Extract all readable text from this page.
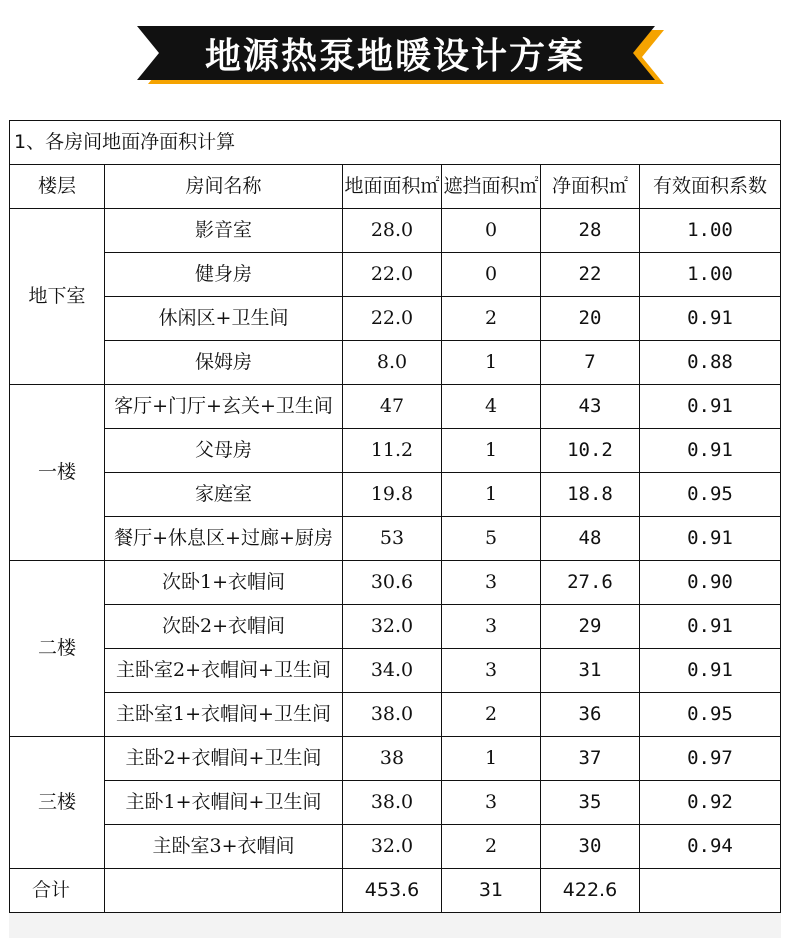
地源热泵地暖设计方案
1、各房间地面净面积计算					
楼层	房间名称	地面面积㎡	遮挡面积㎡	净面积㎡	有效面积系数
地下室	影音室	28.0	0	28	1.00
	健身房	22.0	0	22	1.00
	休闲区+卫生间	22.0	2	20	0.91
	保姆房	8.0	1	7	0.88
一楼	客厅+门厅+玄关+卫生间	47	4	43	0.91
	父母房	11.2	1	10.2	0.91
	家庭室	19.8	1	18.8	0.95
	餐厅+休息区+过廊+厨房	53	5	48	0.91
二楼	次卧1+衣帽间	30.6	3	27.6	0.90
	次卧2+衣帽间	32.0	3	29	0.91
	主卧室2+衣帽间+卫生间	34.0	3	31	0.91
	主卧室1+衣帽间+卫生间	38.0	2	36	0.95
三楼	主卧2+衣帽间+卫生间	38	1	37	0.97
	主卧1+衣帽间+卫生间	38.0	3	35	0.92
	主卧室3+衣帽间	32.0	2	30	0.94
合计		453.6	31	422.6	
